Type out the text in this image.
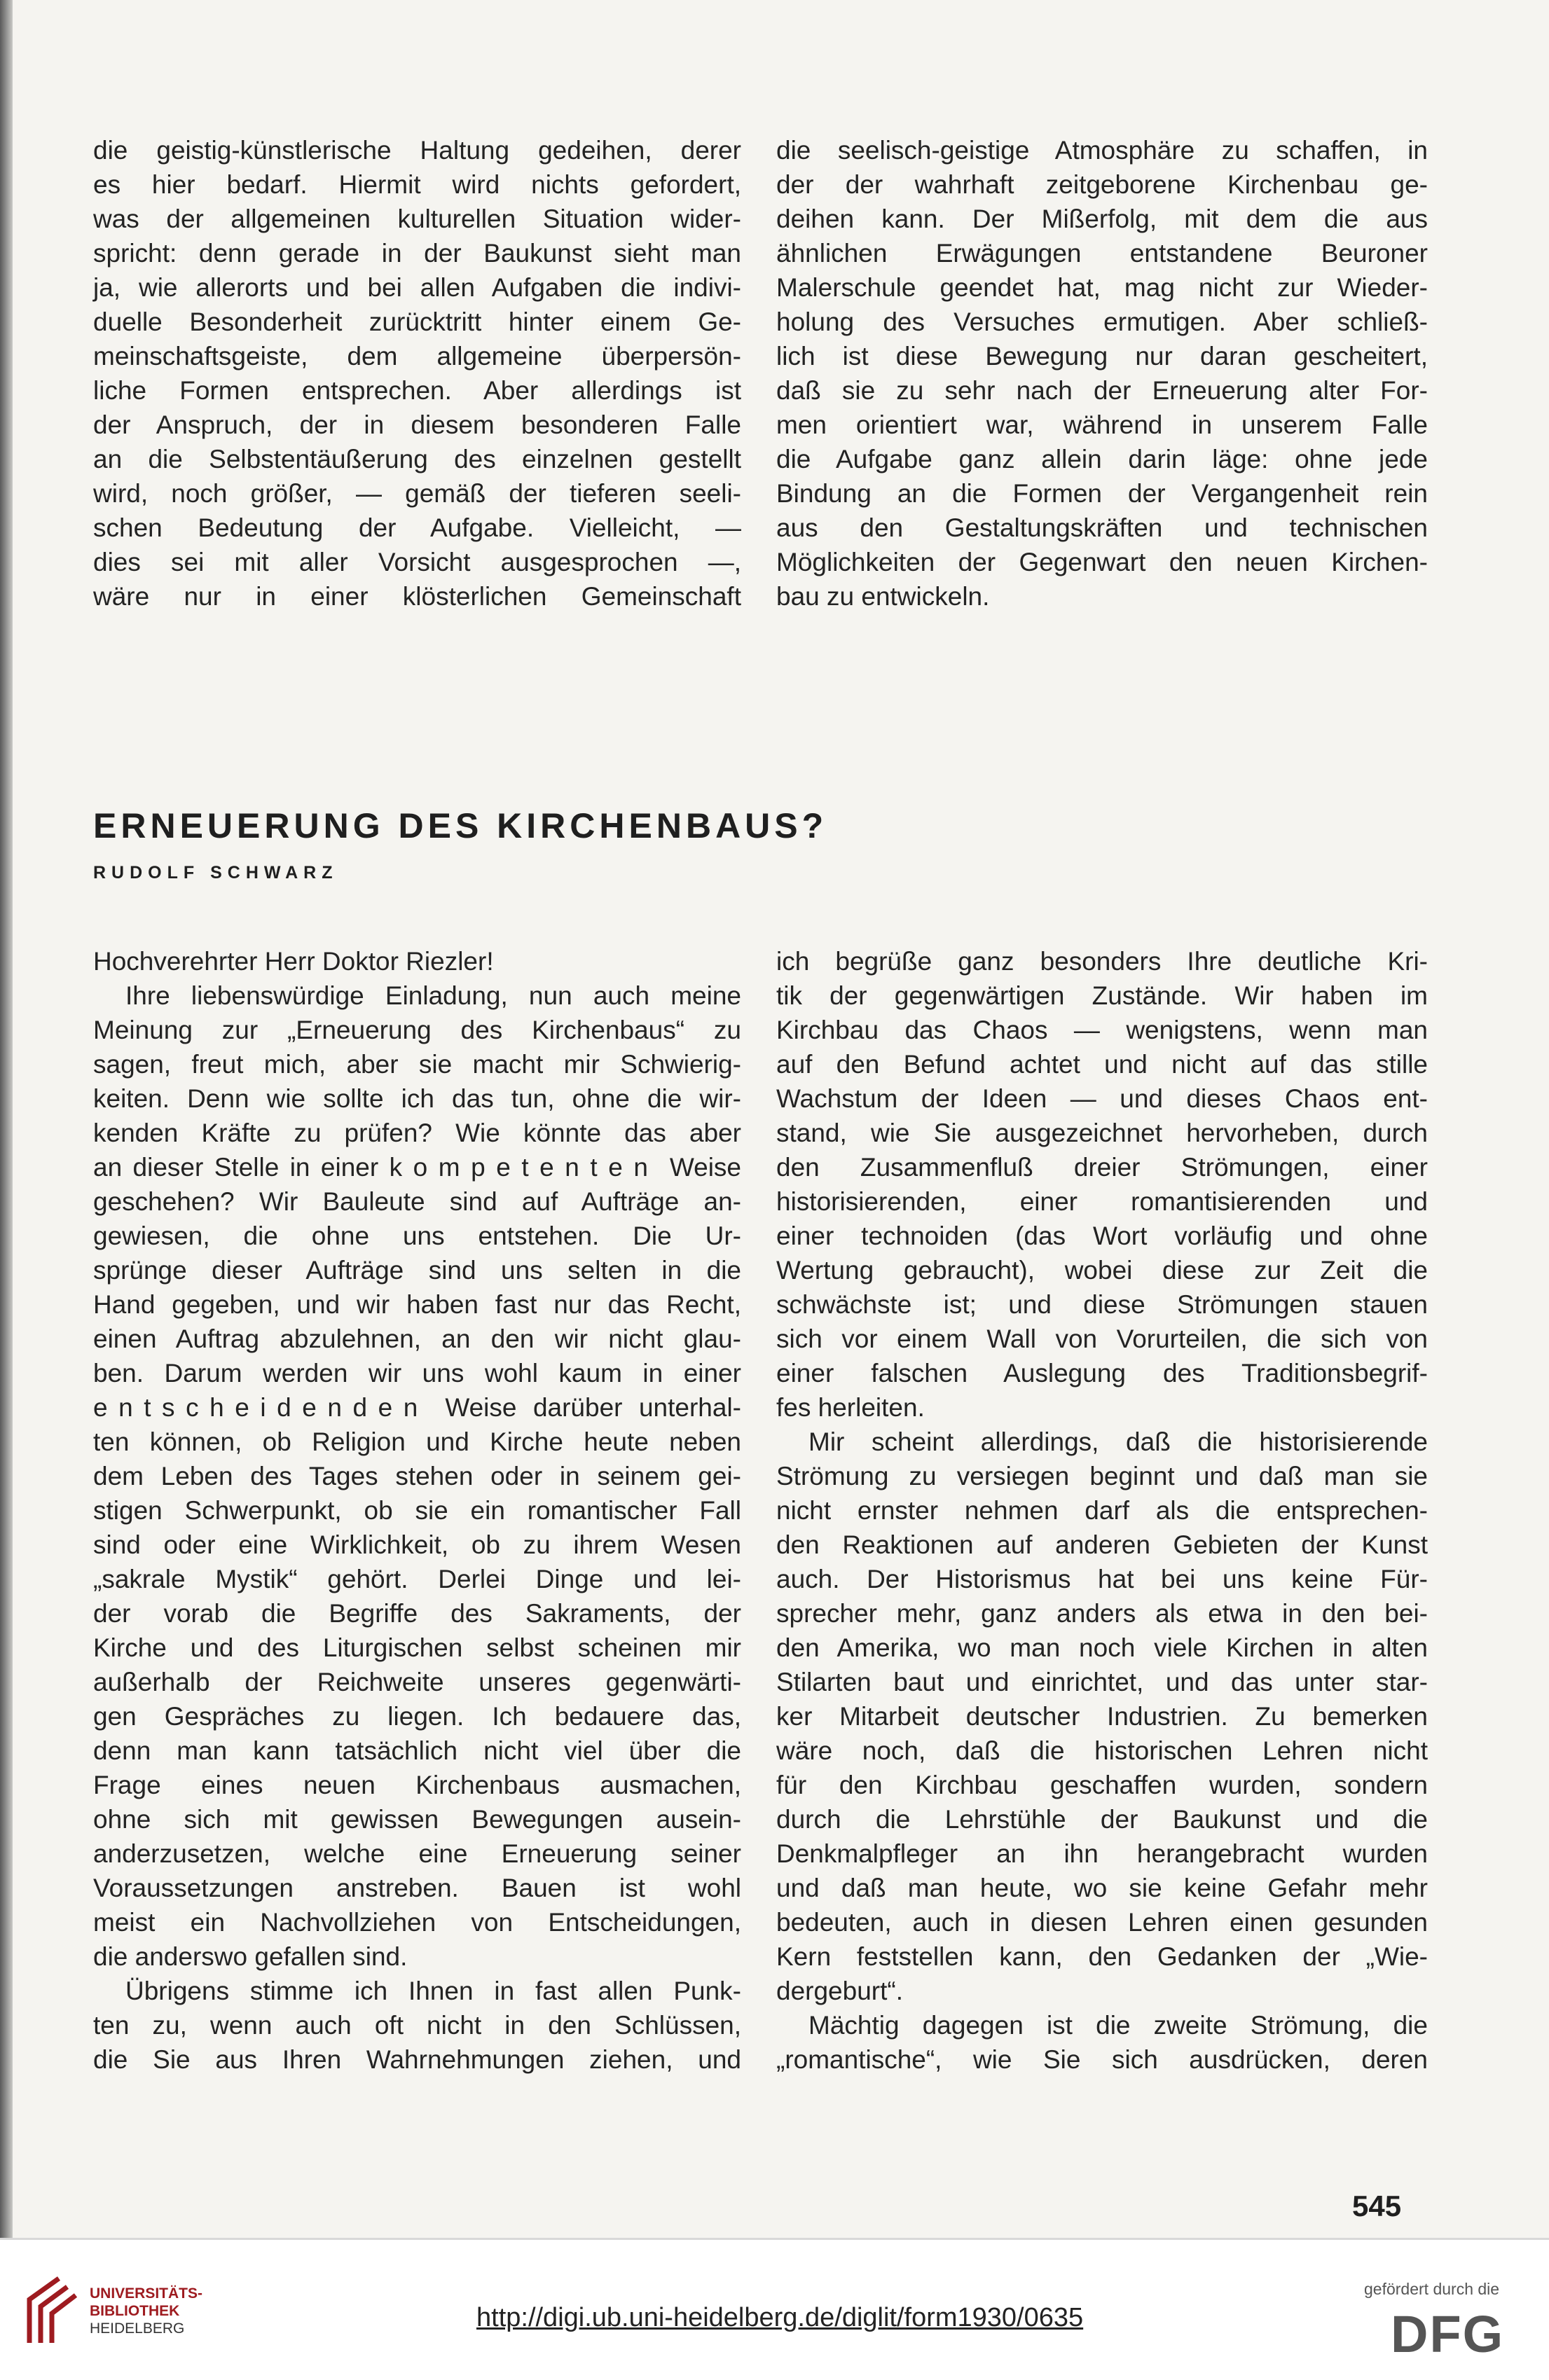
die geistig-künstlerische Haltung gedeihen, derer
es hier bedarf. Hiermit wird nichts gefordert,
was der allgemeinen kulturellen Situation wider-
spricht: denn gerade in der Baukunst sieht man
ja, wie allerorts und bei allen Aufgaben die indivi-
duelle Besonderheit zurücktritt hinter einem Ge-
meinschaftsgeiste, dem allgemeine überpersön-
liche Formen entsprechen. Aber allerdings ist
der Anspruch, der in diesem besonderen Falle
an die Selbstentäußerung des einzelnen gestellt
wird, noch größer, — gemäß der tieferen seeli-
schen Bedeutung der Aufgabe. Vielleicht, —
dies sei mit aller Vorsicht ausgesprochen —,
wäre nur in einer klösterlichen Gemeinschaft
die seelisch-geistige Atmosphäre zu schaffen, in
der der wahrhaft zeitgeborene Kirchenbau ge-
deihen kann. Der Mißerfolg, mit dem die aus
ähnlichen Erwägungen entstandene Beuroner
Malerschule geendet hat, mag nicht zur Wieder-
holung des Versuches ermutigen. Aber schließ-
lich ist diese Bewegung nur daran gescheitert,
daß sie zu sehr nach der Erneuerung alter For-
men orientiert war, während in unserem Falle
die Aufgabe ganz allein darin läge: ohne jede
Bindung an die Formen der Vergangenheit rein
aus den Gestaltungskräften und technischen
Möglichkeiten der Gegenwart den neuen Kirchen-
bau zu entwickeln.
ERNEUERUNG DES KIRCHENBAUS?
RUDOLF SCHWARZ
Hochverehrter Herr Doktor Riezler!
Ihre liebenswürdige Einladung, nun auch meine
Meinung zur „Erneuerung des Kirchenbaus“ zu
sagen, freut mich, aber sie macht mir Schwierig-
keiten. Denn wie sollte ich das tun, ohne die wir-
kenden Kräfte zu prüfen? Wie könnte das aber
an dieser Stelle in einer kompetenten Weise
geschehen? Wir Bauleute sind auf Aufträge an-
gewiesen, die ohne uns entstehen. Die Ur-
sprünge dieser Aufträge sind uns selten in die
Hand gegeben, und wir haben fast nur das Recht,
einen Auftrag abzulehnen, an den wir nicht glau-
ben. Darum werden wir uns wohl kaum in einer
entscheidenden Weise darüber unterhal-
ten können, ob Religion und Kirche heute neben
dem Leben des Tages stehen oder in seinem gei-
stigen Schwerpunkt, ob sie ein romantischer Fall
sind oder eine Wirklichkeit, ob zu ihrem Wesen
„sakrale Mystik“ gehört. Derlei Dinge und lei-
der vorab die Begriffe des Sakraments, der
Kirche und des Liturgischen selbst scheinen mir
außerhalb der Reichweite unseres gegenwärti-
gen Gespräches zu liegen. Ich bedauere das,
denn man kann tatsächlich nicht viel über die
Frage eines neuen Kirchenbaus ausmachen,
ohne sich mit gewissen Bewegungen ausein-
anderzusetzen, welche eine Erneuerung seiner
Voraussetzungen anstreben. Bauen ist wohl
meist ein Nachvollziehen von Entscheidungen,
die anderswo gefallen sind.
Übrigens stimme ich Ihnen in fast allen Punk-
ten zu, wenn auch oft nicht in den Schlüssen,
die Sie aus Ihren Wahrnehmungen ziehen, und
ich begrüße ganz besonders Ihre deutliche Kri-
tik der gegenwärtigen Zustände. Wir haben im
Kirchbau das Chaos — wenigstens, wenn man
auf den Befund achtet und nicht auf das stille
Wachstum der Ideen — und dieses Chaos ent-
stand, wie Sie ausgezeichnet hervorheben, durch
den Zusammenfluß dreier Strömungen, einer
historisierenden, einer romantisierenden und
einer technoiden (das Wort vorläufig und ohne
Wertung gebraucht), wobei diese zur Zeit die
schwächste ist; und diese Strömungen stauen
sich vor einem Wall von Vorurteilen, die sich von
einer falschen Auslegung des Traditionsbegrif-
fes herleiten.
Mir scheint allerdings, daß die historisierende
Strömung zu versiegen beginnt und daß man sie
nicht ernster nehmen darf als die entsprechen-
den Reaktionen auf anderen Gebieten der Kunst
auch. Der Historismus hat bei uns keine Für-
sprecher mehr, ganz anders als etwa in den bei-
den Amerika, wo man noch viele Kirchen in alten
Stilarten baut und einrichtet, und das unter star-
ker Mitarbeit deutscher Industrien. Zu bemerken
wäre noch, daß die historischen Lehren nicht
für den Kirchbau geschaffen wurden, sondern
durch die Lehrstühle der Baukunst und die
Denkmalpfleger an ihn herangebracht wurden
und daß man heute, wo sie keine Gefahr mehr
bedeuten, auch in diesen Lehren einen gesunden
Kern feststellen kann, den Gedanken der „Wie-
dergeburt“.
Mächtig dagegen ist die zweite Strömung, die
„romantische“, wie Sie sich ausdrücken, deren
545
UNIVERSITÄTS-
BIBLIOTHEK
HEIDELBERG	http://digi.ub.uni-heidelberg.de/diglit/form1930/0635
gefördert durch die
DFG
